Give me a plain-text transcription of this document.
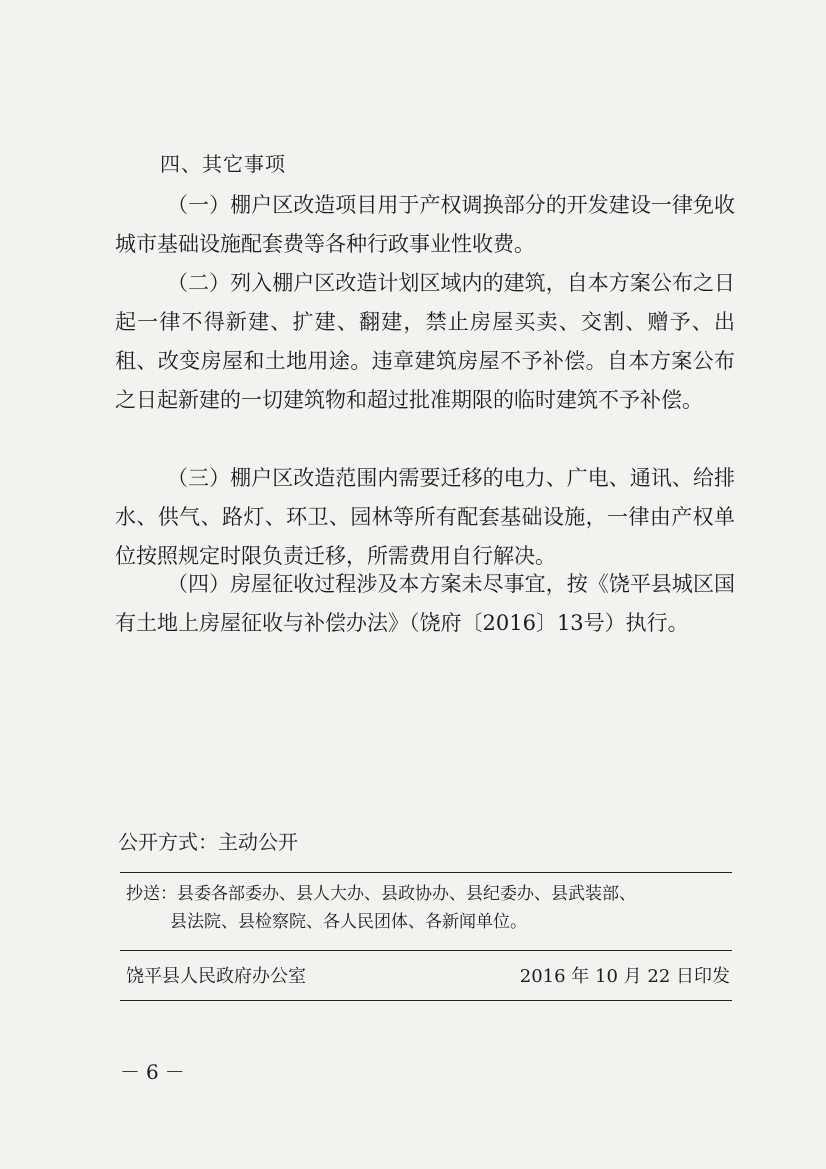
四、其它事项

（一）棚户区改造项目用于产权调换部分的开发建设一律免收城市基础设施配套费等各种行政事业性收费。

（二）列入棚户区改造计划区域内的建筑，自本方案公布之日起一律不得新建、扩建、翻建，禁止房屋买卖、交割、赠予、出租、改变房屋和土地用途。违章建筑房屋不予补偿。自本方案公布之日起新建的一切建筑物和超过批准期限的临时建筑不予补偿。

（三）棚户区改造范围内需要迁移的电力、广电、通讯、给排水、供气、路灯、环卫、园林等所有配套基础设施，一律由产权单位按照规定时限负责迁移，所需费用自行解决。

（四）房屋征收过程涉及本方案未尽事宜，按《饶平县城区国有土地上房屋征收与补偿办法》（饶府〔2016〕13号）执行。

公开方式：主动公开

抄送：县委各部委办、县人大办、县政协办、县纪委办、县武装部、
县法院、县检察院、各人民团体、各新闻单位。

饶平县人民政府办公室	2016 年 10 月 22 日印发
－6－
